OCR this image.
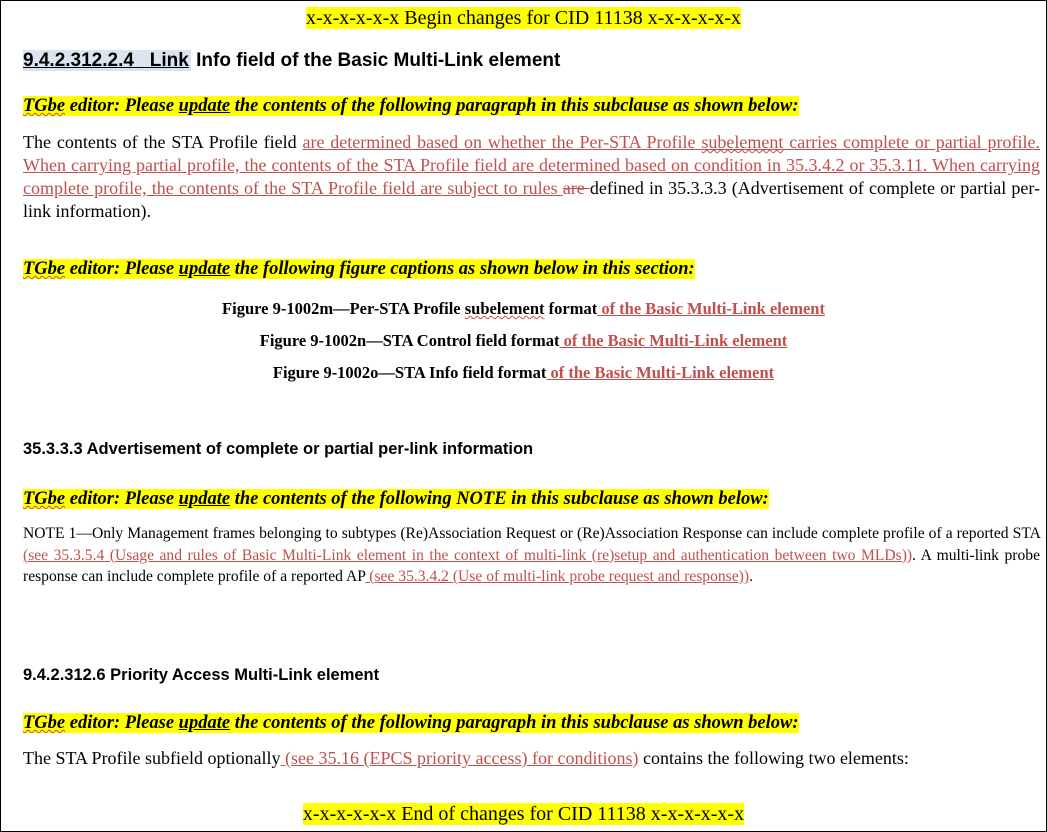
x-x-x-x-x-x Begin changes for CID 11138 x-x-x-x-x-x
9.4.2.312.2.4 Link Info field of the Basic Multi-Link element
TGbe editor: Please update the contents of the following paragraph in this subclause as shown below:
The contents of the STA Profile field are determined based on whether the Per-STA Profile subelement carries complete or partial profile. When carrying partial profile, the contents of the STA Profile field are determined based on condition in 35.3.4.2 or 35.3.11. When carrying complete profile, the contents of the STA Profile field are subject to rules are defined in 35.3.3.3 (Advertisement of complete or partial per-link information).
TGbe editor: Please update the following figure captions as shown below in this section:
Figure 9-1002m—Per-STA Profile subelement format of the Basic Multi-Link element
Figure 9-1002n—STA Control field format of the Basic Multi-Link element
Figure 9-1002o—STA Info field format of the Basic Multi-Link element
35.3.3.3 Advertisement of complete or partial per-link information
TGbe editor: Please update the contents of the following NOTE in this subclause as shown below:
NOTE 1—Only Management frames belonging to subtypes (Re)Association Request or (Re)Association Response can include complete profile of a reported STA (see 35.3.5.4 (Usage and rules of Basic Multi-Link element in the context of multi-link (re)setup and authentication between two MLDs)). A multi-link probe response can include complete profile of a reported AP (see 35.3.4.2 (Use of multi-link probe request and response)).
9.4.2.312.6 Priority Access Multi-Link element
TGbe editor: Please update the contents of the following paragraph in this subclause as shown below:
The STA Profile subfield optionally (see 35.16 (EPCS priority access) for conditions) contains the following two elements:
x-x-x-x-x-x End of changes for CID 11138 x-x-x-x-x-x
